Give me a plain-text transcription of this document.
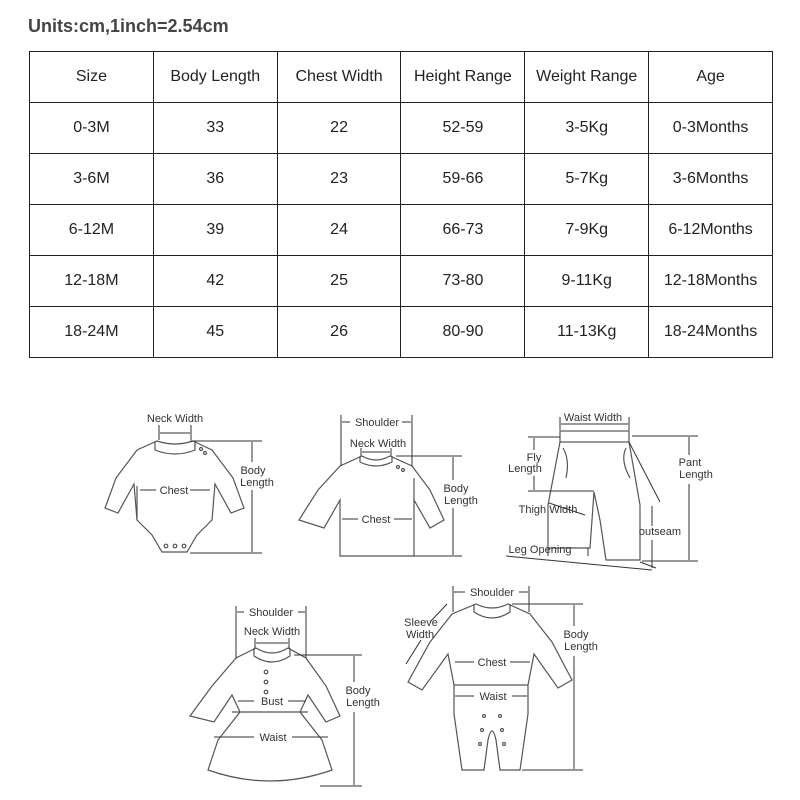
Units:cm,1inch=2.54cm
Size	Body Length	Chest Width	Height Range	Weight Range	Age
0-3M	33	22	52-59	3-5Kg	0-3Months
3-6M	36	23	59-66	5-7Kg	3-6Months
6-12M	39	24	66-73	7-9Kg	6-12Months
12-18M	42	25	73-80	9-11Kg	12-18Months
18-24M	45	26	80-90	11-13Kg	18-24Months
Neck Width
Chest
Body
Length
Shoulder
Neck Width
Chest
Body
Length
Waist Width
Fly
Length	Pant
Length
Thigh Width
outseam
Leg Opening
Shoulder
Neck Width
Bust
Waist
Body
Length
Shoulder
Sleeve
Width
Chest
Waist
Body
Length
